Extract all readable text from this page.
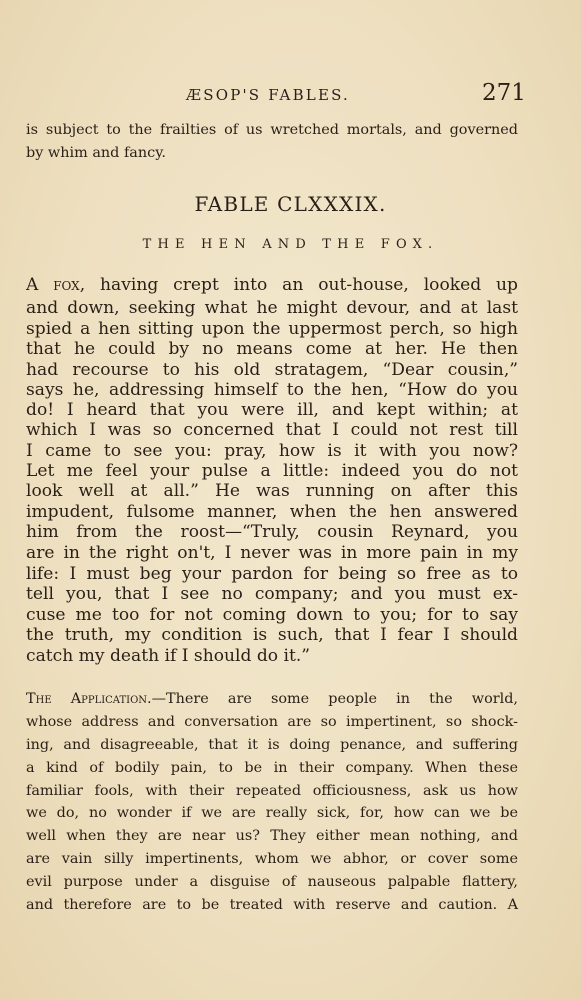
ÆSOP'S FABLES.	271
is subject to the frailties of us wretched mortals, and governed
by whim and fancy.
FABLE CLXXXIX.
THE HEN AND THE FOX.
A fox, having crept into an out-house, looked up
and down, seeking what he might devour, and at last
spied a hen sitting upon the uppermost perch, so high
that he could by no means come at her. He then
had recourse to his old stratagem, “Dear cousin,”
says he, addressing himself to the hen, “How do you
do! I heard that you were ill, and kept within; at
which I was so concerned that I could not rest till
I came to see you: pray, how is it with you now?
Let me feel your pulse a little: indeed you do not
look well at all.” He was running on after this
impudent, fulsome manner, when the hen answered
him from the roost—“Truly, cousin Reynard, you
are in the right on't, I never was in more pain in my
life: I must beg your pardon for being so free as to
tell you, that I see no company; and you must ex-
cuse me too for not coming down to you; for to say
the truth, my condition is such, that I fear I should
catch my death if I should do it.”
The Application.—There are some people in the world,
whose address and conversation are so impertinent, so shock-
ing, and disagreeable, that it is doing penance, and suffering
a kind of bodily pain, to be in their company. When these
familiar fools, with their repeated officiousness, ask us how
we do, no wonder if we are really sick, for, how can we be
well when they are near us? They either mean nothing, and
are vain silly impertinents, whom we abhor, or cover some
evil purpose under a disguise of nauseous palpable flattery,
and therefore are to be treated with reserve and caution. A
